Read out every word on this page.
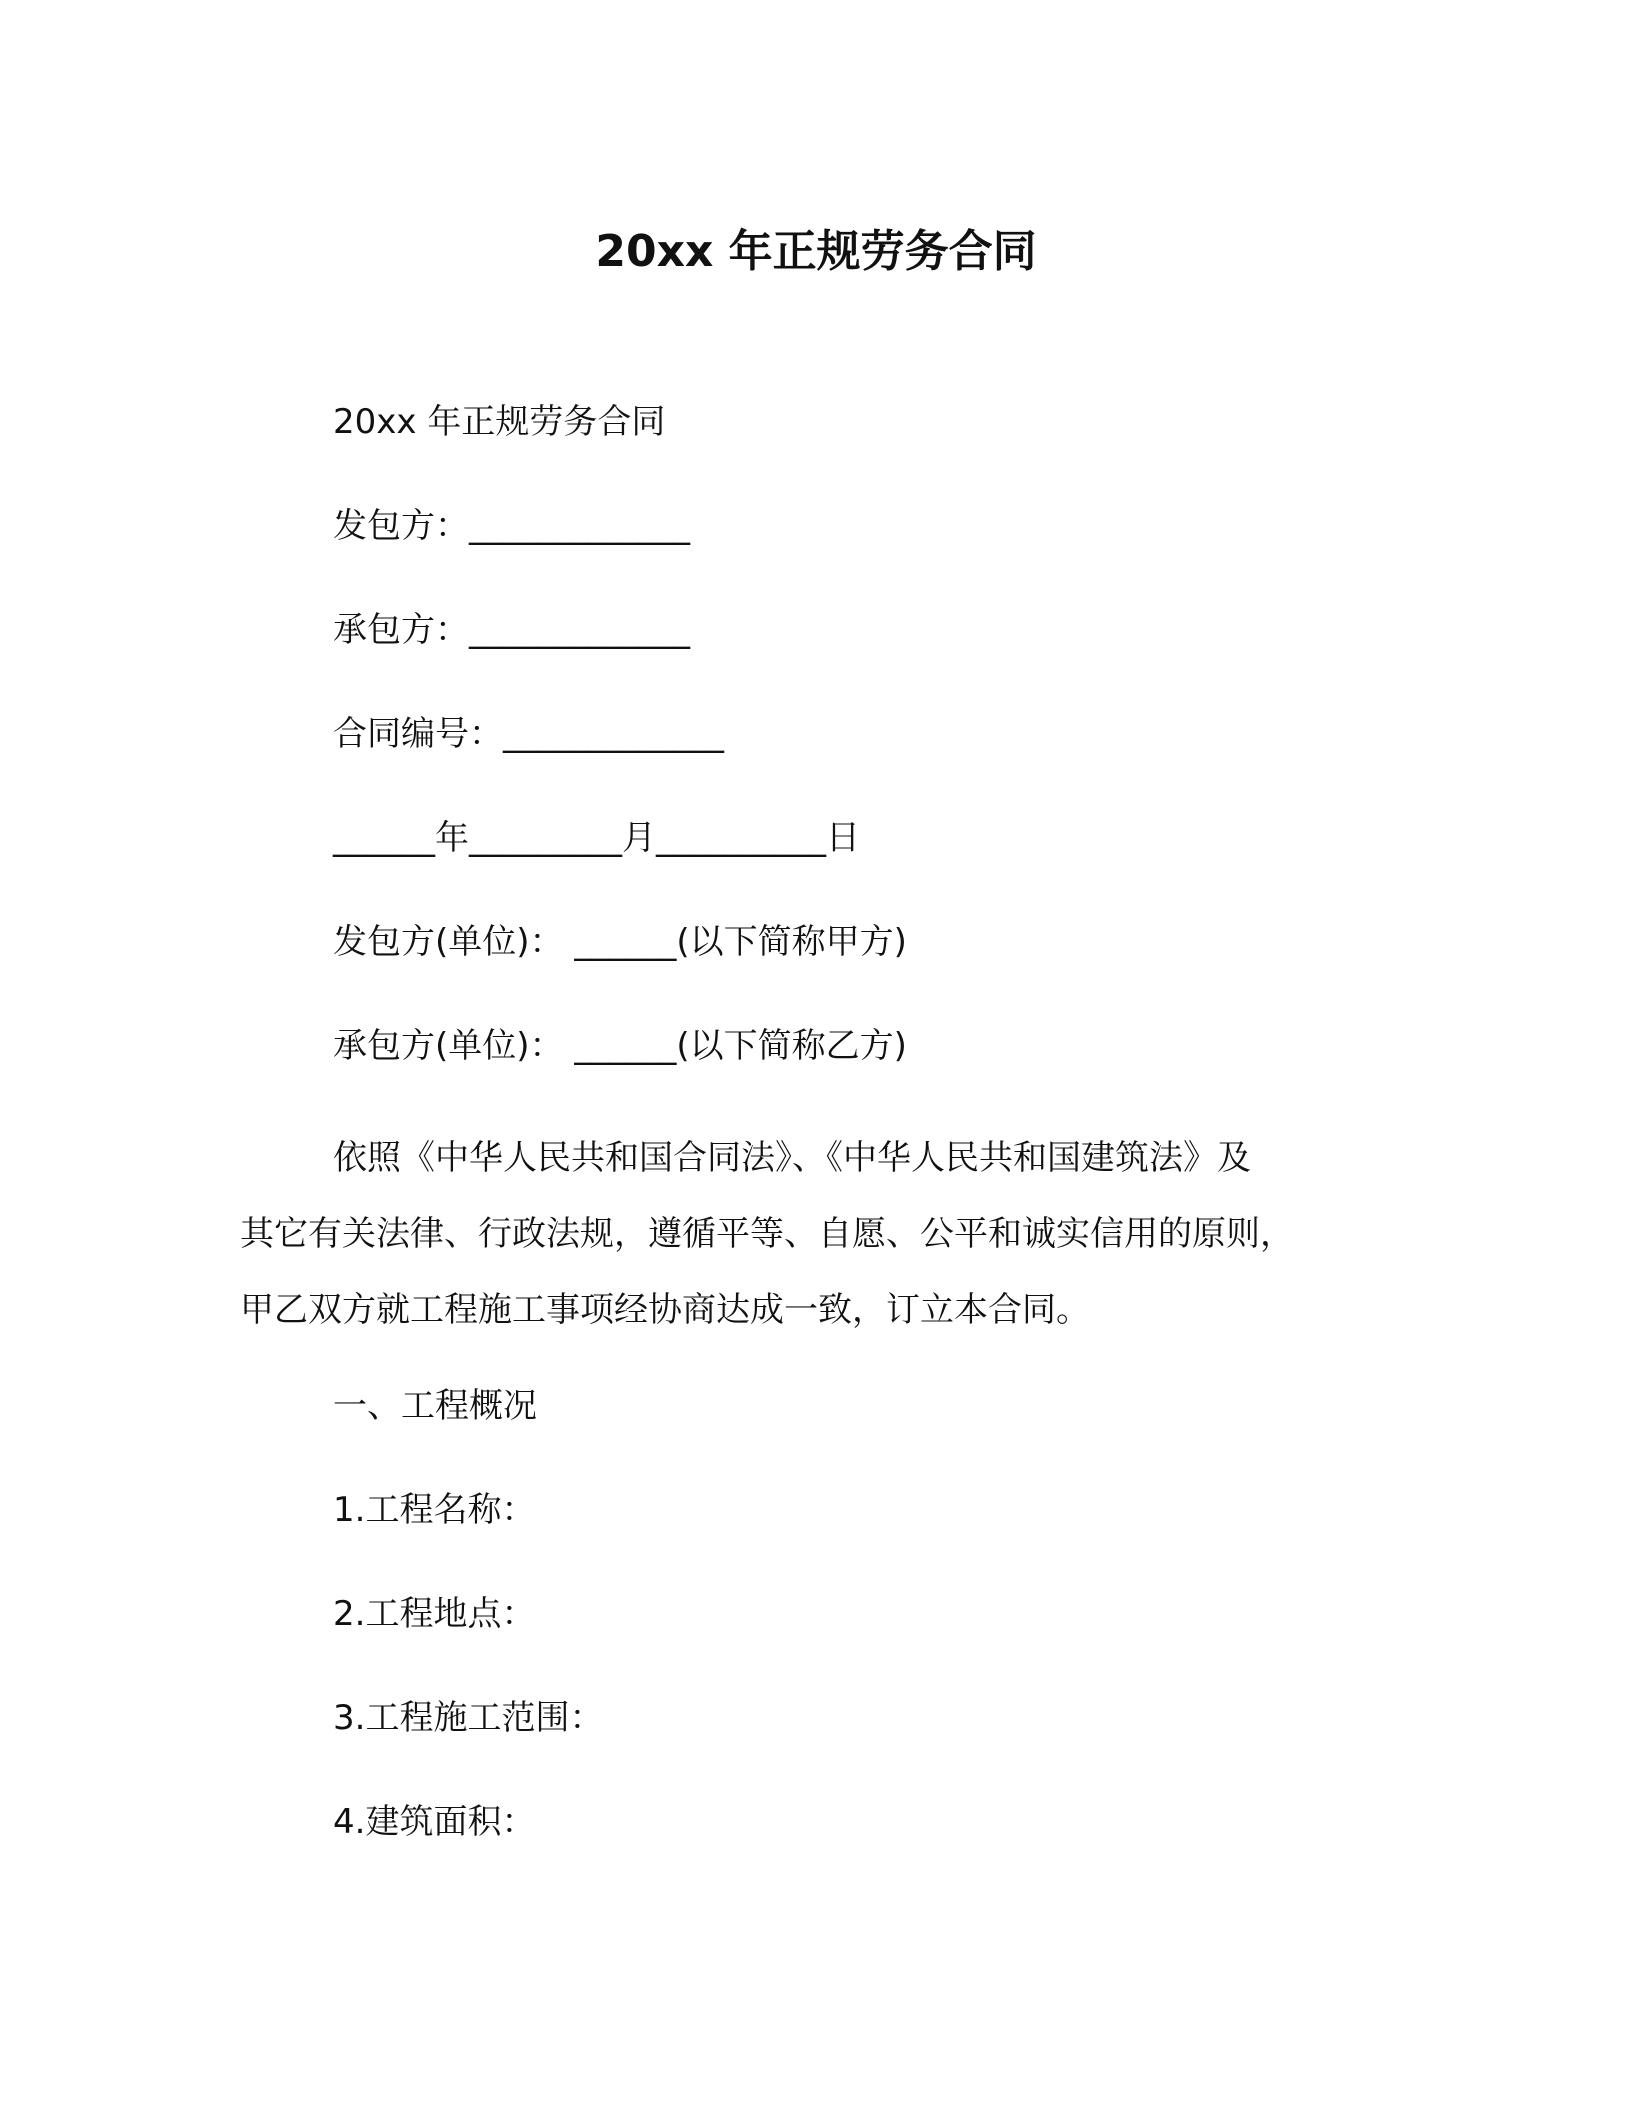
20xx 年正规劳务合同
20xx 年正规劳务合同
发包方：_____________
承包方：_____________
合同编号：_____________
______年_________月__________日
发包方(单位)： ______(以下简称甲方)
承包方(单位)： ______(以下简称乙方)
依照《中华人民共和国合同法》、《中华人民共和国建筑法》及
其它有关法律、行政法规，遵循平等、自愿、公平和诚实信用的原则，
甲乙双方就工程施工事项经协商达成一致，订立本合同。
一、工程概况
1.工程名称：
2.工程地点：
3.工程施工范围：
4.建筑面积：
